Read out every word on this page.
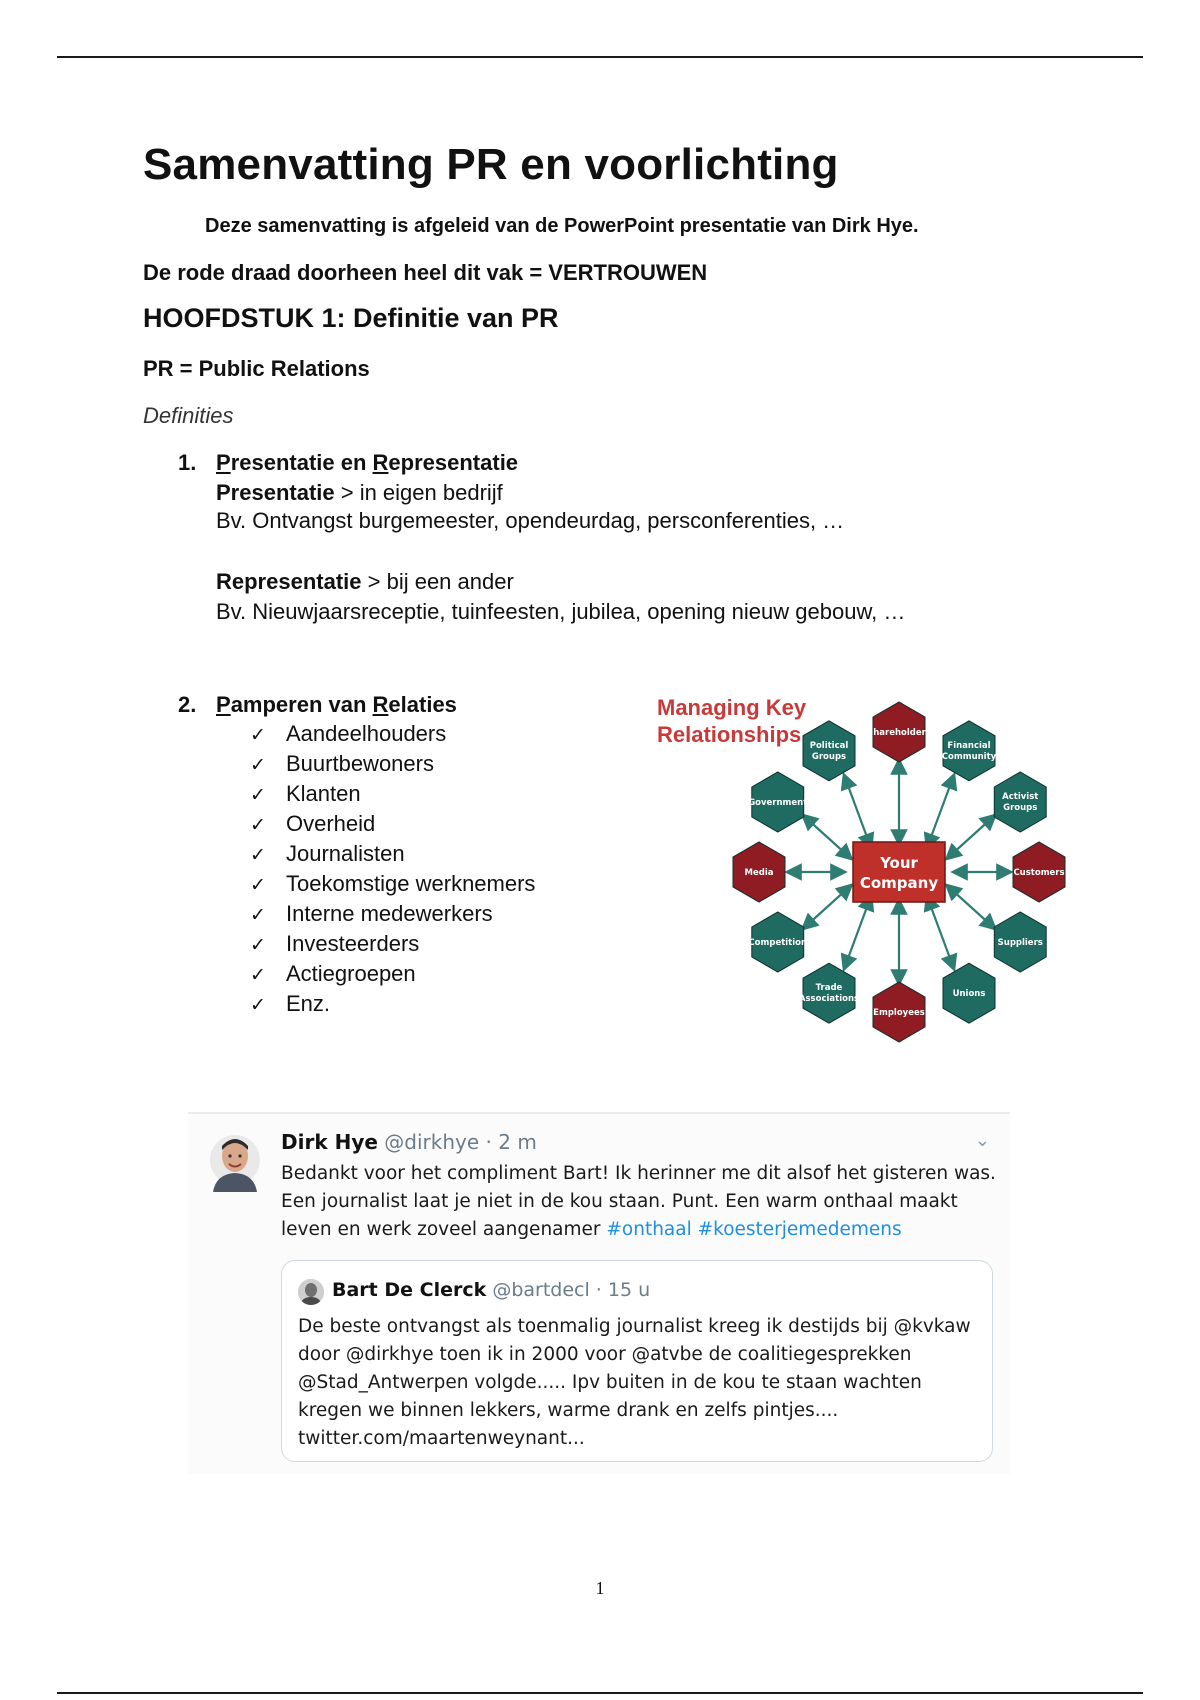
Samenvatting PR en voorlichting
Deze samenvatting is afgeleid van de PowerPoint presentatie van Dirk Hye.
De rode draad doorheen heel dit vak = VERTROUWEN
HOOFDSTUK 1: Definitie van PR
PR = Public Relations
Definities
1. Presentatie en Representatie
Presentatie > in eigen bedrijf
Bv. Ontvangst burgemeester, opendeurdag, persconferenties, …
Representatie > bij een ander
Bv. Nieuwjaarsreceptie, tuinfeesten, jubilea, opening nieuw gebouw, …
2. Pamperen van Relaties
✓ Aandeelhouders
✓ Buurtbewoners
✓ Klanten
✓ Overheid
✓ Journalisten
✓ Toekomstige werknemers
✓ Interne medewerkers
✓ Investeerders
✓ Actiegroepen
✓ Enz.
Managing Key
Relationships	Shareholders
Financial
Community
Activist
Groups
Customers
Suppliers
Unions
Employees
Trade
Associations
Competition
Media
Government
Political
Groups
Your
Company
Dirk Hye @dirkhye · 2 m	⌄

Bedankt voor het compliment Bart! Ik herinner me dit alsof het gisteren was.

Een journalist laat je niet in de kou staan. Punt. Een warm onthaal maakt

leven en werk zoveel aangenamer #onthaal #koesterjemedemens

Bart De Clerck @bartdecl · 15 u

De beste ontvangst als toenmalig journalist kreeg ik destijds bij @kvkaw

door @dirkhye toen ik in 2000 voor @atvbe de coalitiegesprekken

@Stad_Antwerpen volgde..... Ipv buiten in de kou te staan wachten

kregen we binnen lekkers, warme drank en zelfs pintjes....

twitter.com/maartenweynant...

1
